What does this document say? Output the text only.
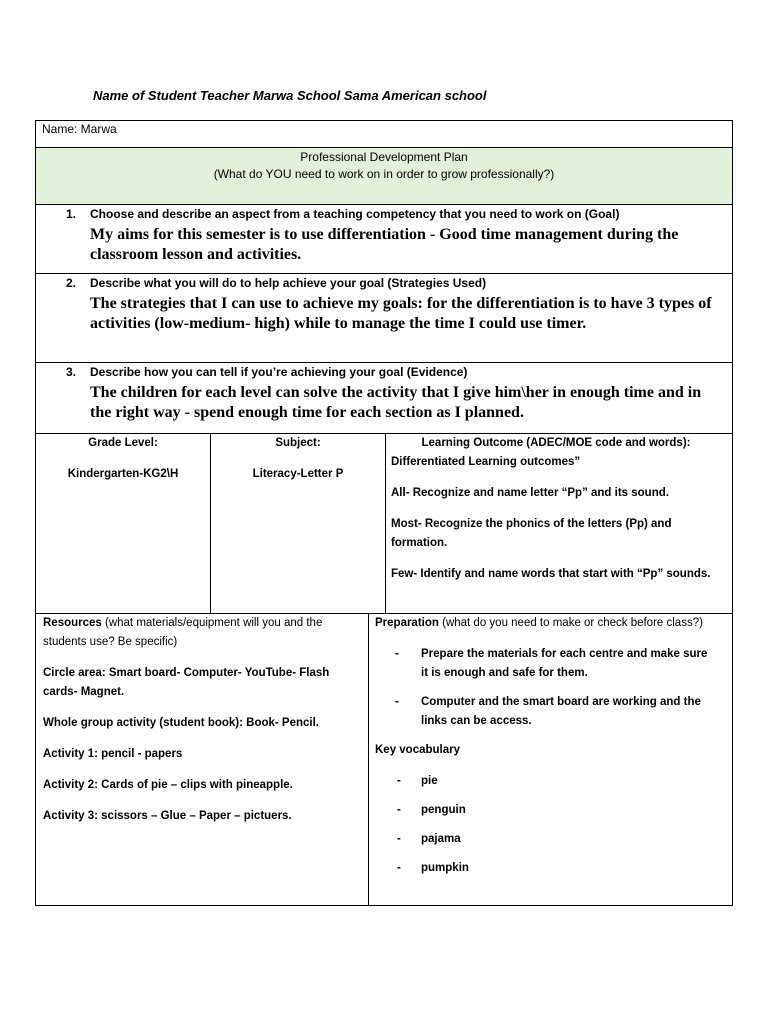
Name of Student Teacher Marwa School Sama American school
Name: Marwa
Professional Development Plan
(What do YOU need to work on in order to grow professionally?)
1. Choose and describe an aspect from a teaching competency that you need to work on (Goal)
My aims for this semester is to use differentiation - Good time management during the classroom lesson and activities.
2. Describe what you will do to help achieve your goal (Strategies Used)
The strategies that I can use to achieve my goals: for the differentiation is to have 3 types of activities (low-medium- high) while to manage the time I could use timer.
3. Describe how you can tell if you’re achieving your goal (Evidence)
The children for each level can solve the activity that I give him\her in enough time and in the right way - spend enough time for each section as I planned.
Grade Level:
Kindergarten-KG2\H
Subject:
Literacy-Letter P
Learning Outcome (ADEC/MOE code and words):
Differentiated Learning outcomes”
All- Recognize and name letter “Pp” and its sound.
Most- Recognize the phonics of the letters (Pp) and formation.
Few- Identify and name words that start with “Pp” sounds.
Resources (what materials/equipment will you and the students use? Be specific)
Circle area: Smart board- Computer- YouTube- Flash cards- Magnet.
Whole group activity (student book): Book- Pencil.
Activity 1: pencil - papers
Activity 2: Cards of pie – clips with pineapple.
Activity 3: scissors – Glue – Paper – pictuers.
Preparation (what do you need to make or check before class?)
- Prepare the materials for each centre and make sure it is enough and safe for them.
- Computer and the smart board are working and the links can be access.
Key vocabulary
- pie
- penguin
- pajama
- pumpkin
